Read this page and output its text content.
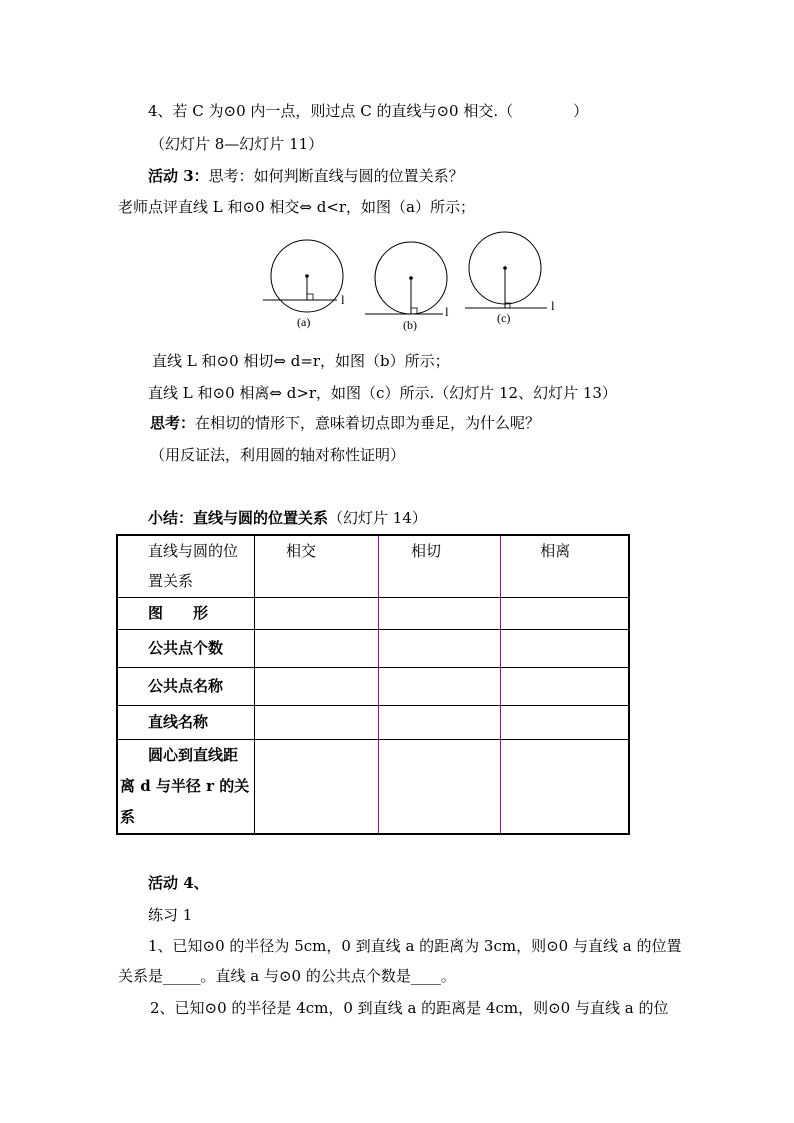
4、若 C 为⊙0 内一点，则过点 C 的直线与⊙0 相交.（　　　　）
（幻灯片 8—幻灯片 11）
活动 3：思考：如何判断直线与圆的位置关系？
老师点评直线 L 和⊙0 相交⇔ d<r，如图（a）所示；
l
(a)
l
(b)
l
(c)
直线 L 和⊙0 相切⇔ d=r，如图（b）所示；
直线 L 和⊙0 相离⇔ d>r，如图（c）所示.（幻灯片 12、幻灯片 13）
思考：在相切的情形下，意味着切点即为垂足，为什么呢？
（用反证法，利用圆的轴对称性证明）
小结：直线与圆的位置关系（幻灯片 14）
直线与圆的位置关系	相交	相切	相离
图　　形			
公共点个数			
公共点名称			
直线名称			
圆心到直线距离 d 与半径 r 的关系			
活动 4、
练习 1
1、已知⊙0 的半径为 5cm，0 到直线 a 的距离为 3cm，则⊙0 与直线 a 的位置
关系是_____。直线 a 与⊙0 的公共点个数是____。
2、已知⊙0 的半径是 4cm，0 到直线 a 的距离是 4cm，则⊙0 与直线 a 的位
